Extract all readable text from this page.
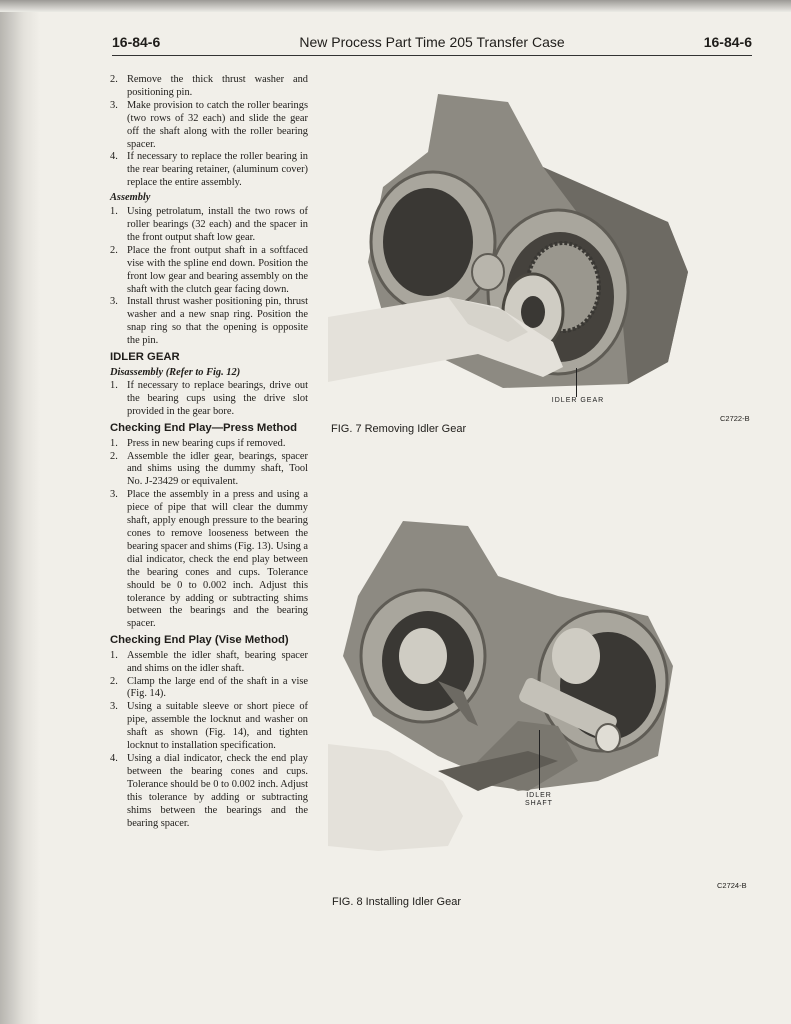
New Process Part Time 205 Transfer Case
16-84-6	16-84-6
2. Remove the thick thrust washer and positioning pin.
3. Make provision to catch the roller bearings (two rows of 32 each) and slide the gear off the shaft along with the roller bearing spacer.
4. If necessary to replace the roller bearing in the rear bearing retainer, (aluminum cover) replace the entire assembly.
Assembly
1. Using petrolatum, install the two rows of roller bearings (32 each) and the spacer in the front output shaft low gear.
2. Place the front output shaft in a softfaced vise with the spline end down. Position the front low gear and bearing assembly on the shaft with the clutch gear facing down.
3. Install thrust washer positioning pin, thrust washer and a new snap ring. Position the snap ring so that the opening is opposite the pin.
IDLER GEAR
Disassembly (Refer to Fig. 12)
1. If necessary to replace bearings, drive out the bearing cups using the drive slot provided in the gear bore.
Checking End Play—Press Method
1. Press in new bearing cups if removed.
2. Assemble the idler gear, bearings, spacer and shims using the dummy shaft, Tool No. J-23429 or equivalent.
3. Place the assembly in a press and using a piece of pipe that will clear the dummy shaft, apply enough pressure to the bearing cones to remove looseness between the bearing spacer and shims (Fig. 13). Using a dial indicator, check the end play between the bearing cones and cups. Tolerance should be 0 to 0.002 inch. Adjust this tolerance by adding or subtracting shims between the bearings and the bearing spacer.
Checking End Play (Vise Method)
1. Assemble the idler shaft, bearing spacer and shims on the idler shaft.
2. Clamp the large end of the shaft in a vise (Fig. 14).
3. Using a suitable sleeve or short piece of pipe, assemble the locknut and washer on shaft as shown (Fig. 14), and tighten locknut to installation specification.
4. Using a dial indicator, check the end play between the bearing cones and cups. Tolerance should be 0 to 0.002 inch. Adjust this tolerance by adding or subtracting shims between the bearings and the bearing spacer.
IDLER GEAR
FIG. 7 Removing Idler Gear
C2722-B
IDLER
SHAFT
FIG. 8 Installing Idler Gear
C2724-B
